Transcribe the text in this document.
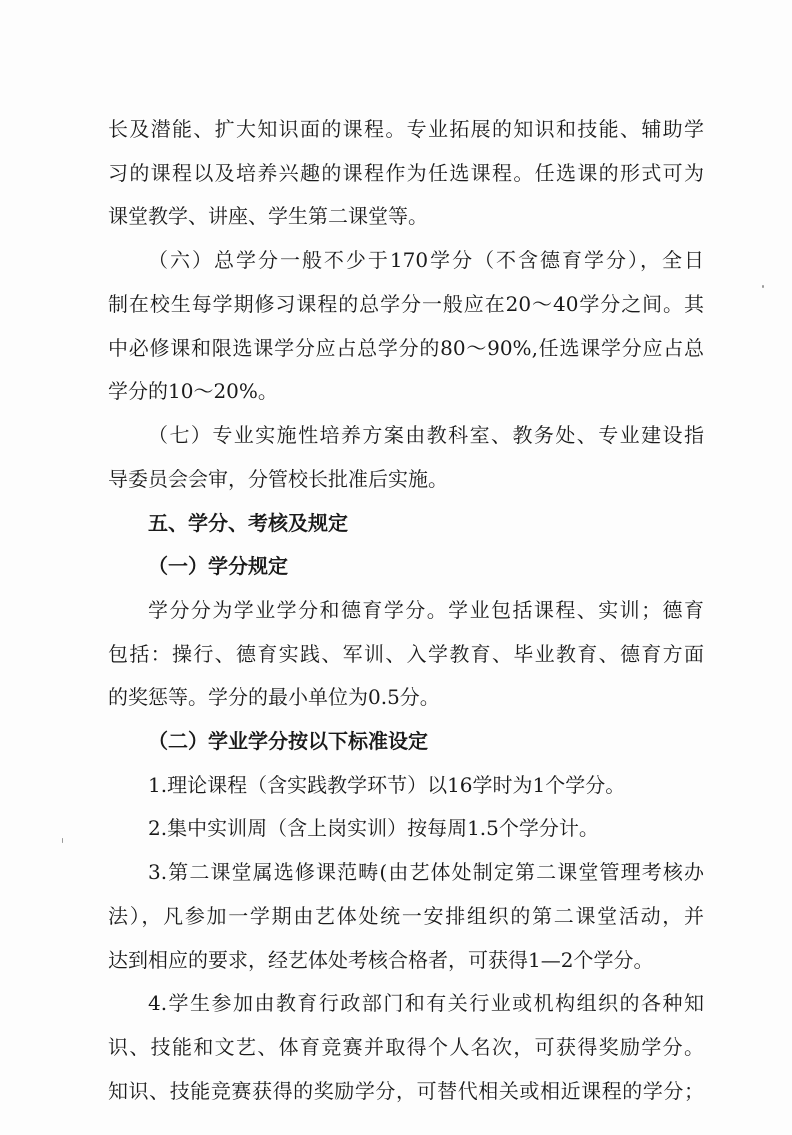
长及潜能、扩大知识面的课程。专业拓展的知识和技能、辅助学
习的课程以及培养兴趣的课程作为任选课程。任选课的形式可为
课堂教学、讲座、学生第二课堂等。
（六）总学分一般不少于170学分（不含德育学分），全日
制在校生每学期修习课程的总学分一般应在20～40学分之间。其
中必修课和限选课学分应占总学分的80～90%,任选课学分应占总
学分的10～20%。
（七）专业实施性培养方案由教科室、教务处、专业建设指
导委员会会审，分管校长批准后实施。
五、学分、考核及规定
（一）学分规定
学分分为学业学分和德育学分。学业包括课程、实训；德育
包括：操行、德育实践、军训、入学教育、毕业教育、德育方面
的奖惩等。学分的最小单位为0.5分。
（二）学业学分按以下标准设定
1.理论课程（含实践教学环节）以16学时为1个学分。
2.集中实训周（含上岗实训）按每周1.5个学分计。
3.第二课堂属选修课范畴(由艺体处制定第二课堂管理考核办
法），凡参加一学期由艺体处统一安排组织的第二课堂活动，并
达到相应的要求，经艺体处考核合格者，可获得1—2个学分。
4.学生参加由教育行政部门和有关行业或机构组织的各种知
识、技能和文艺、体育竞赛并取得个人名次，可获得奖励学分。
知识、技能竞赛获得的奖励学分，可替代相关或相近课程的学分；
